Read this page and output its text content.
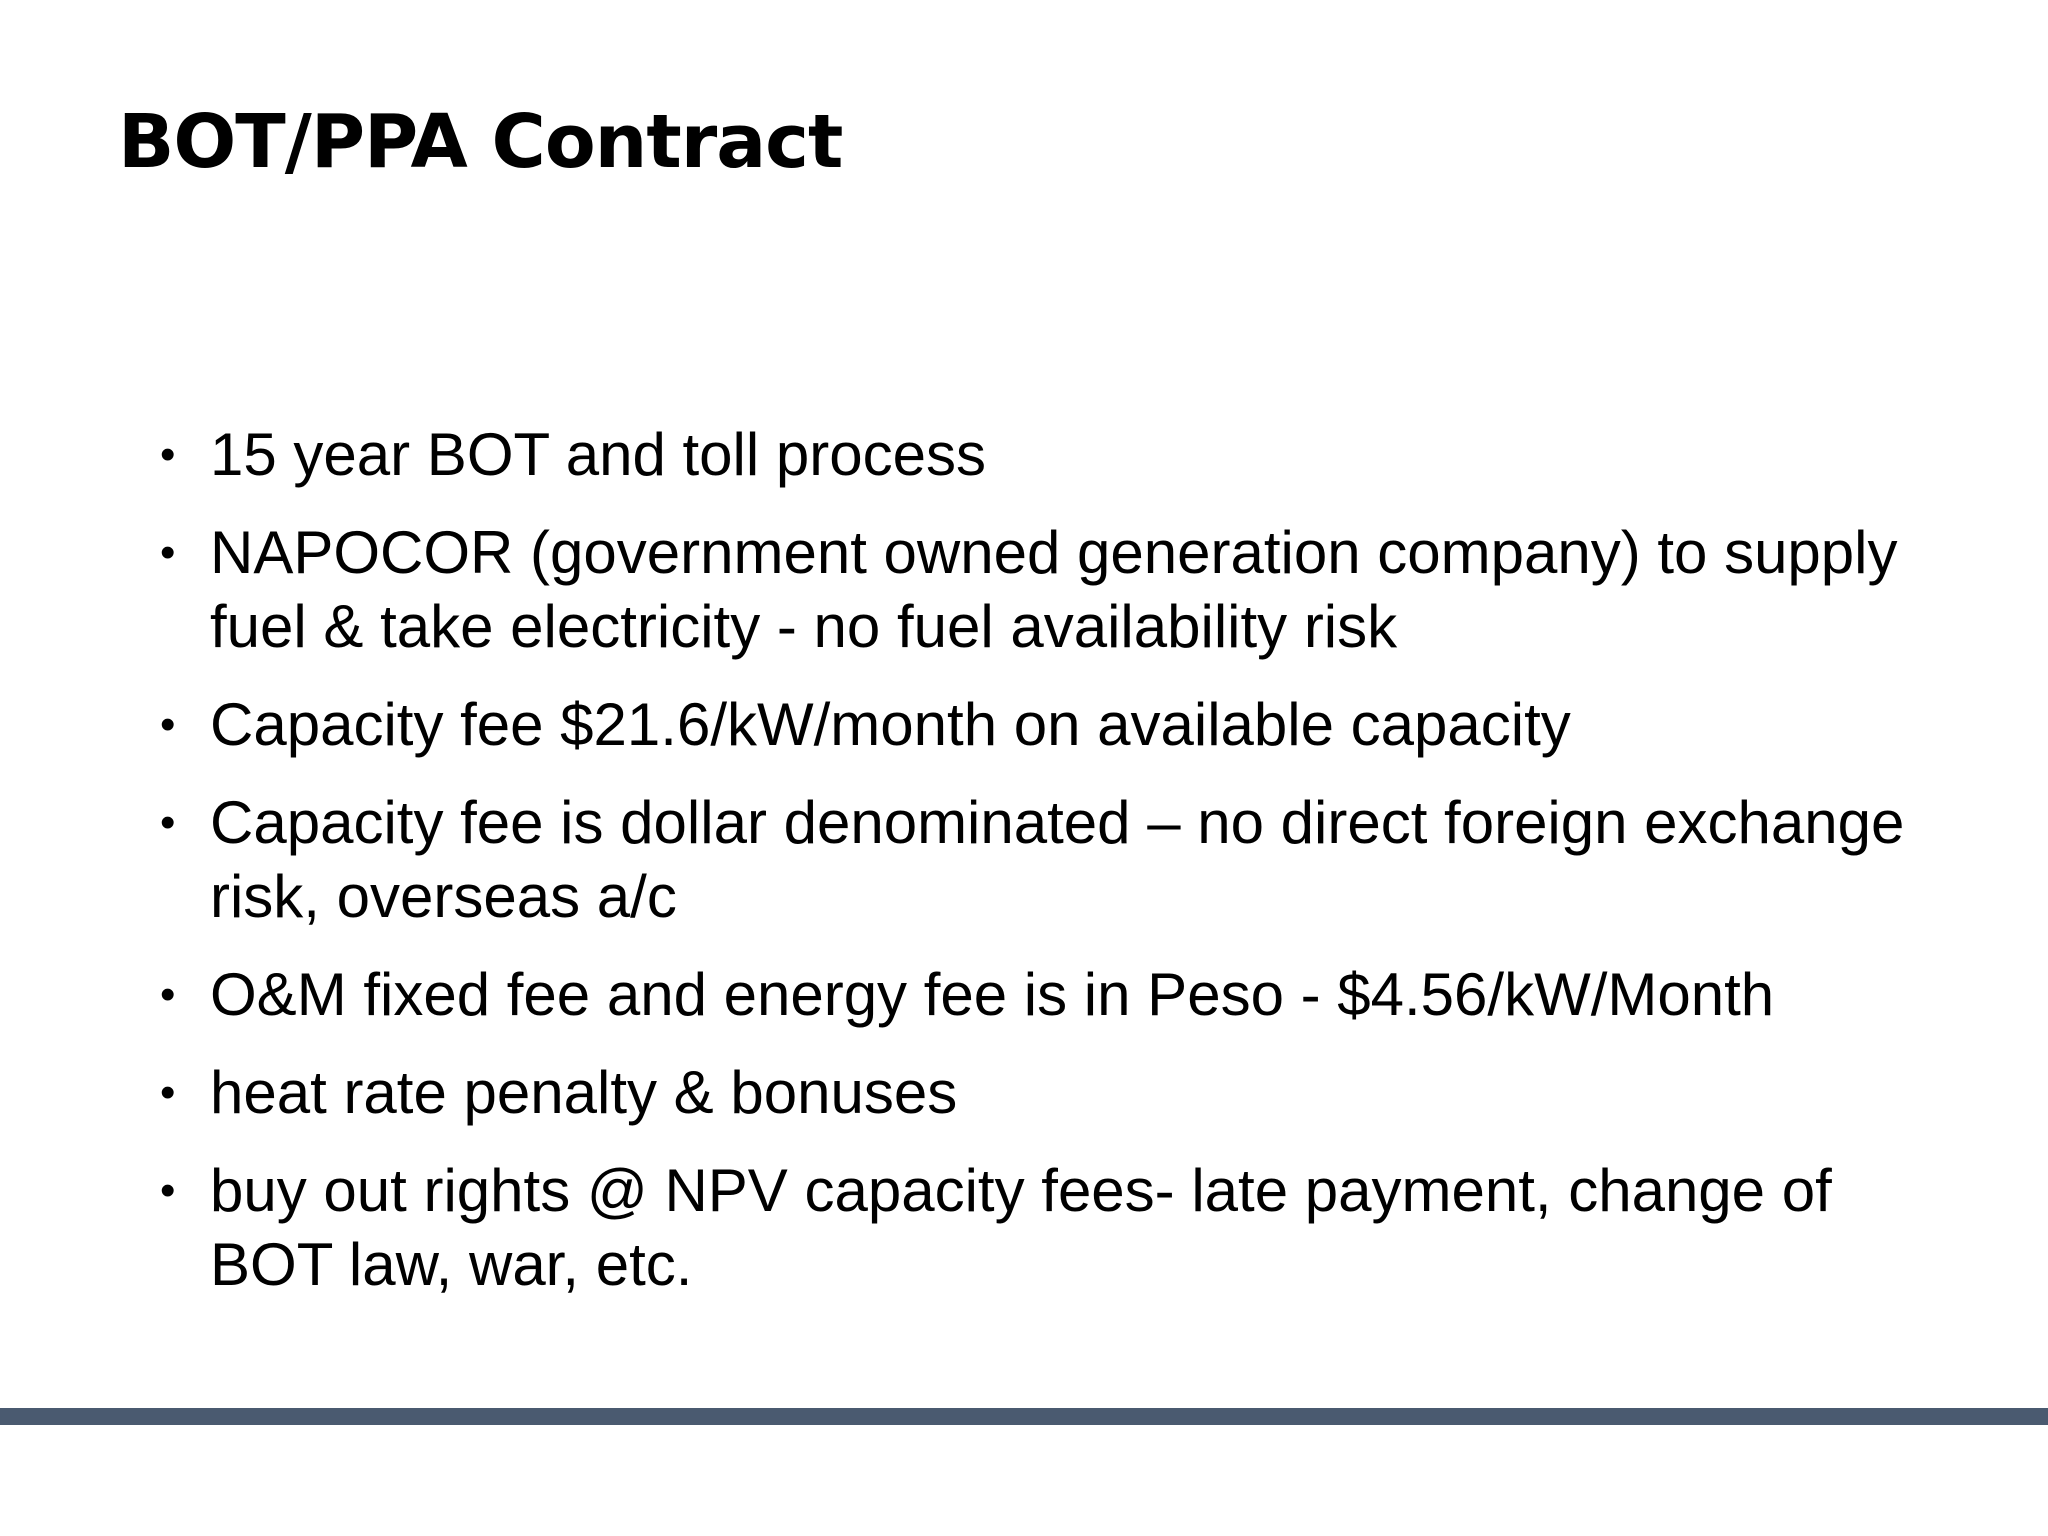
BOT/PPA Contract
• 15 year BOT and toll process
• NAPOCOR (government owned generation company) to supply fuel & take electricity - no fuel availability risk
• Capacity fee $21.6/kW/month on available capacity
• Capacity fee is dollar denominated – no direct foreign exchange risk, overseas a/c
• O&M fixed fee and energy fee is in Peso - $4.56/kW/Month
• heat rate penalty & bonuses
• buy out rights @ NPV capacity fees- late payment, change of BOT law, war, etc.
